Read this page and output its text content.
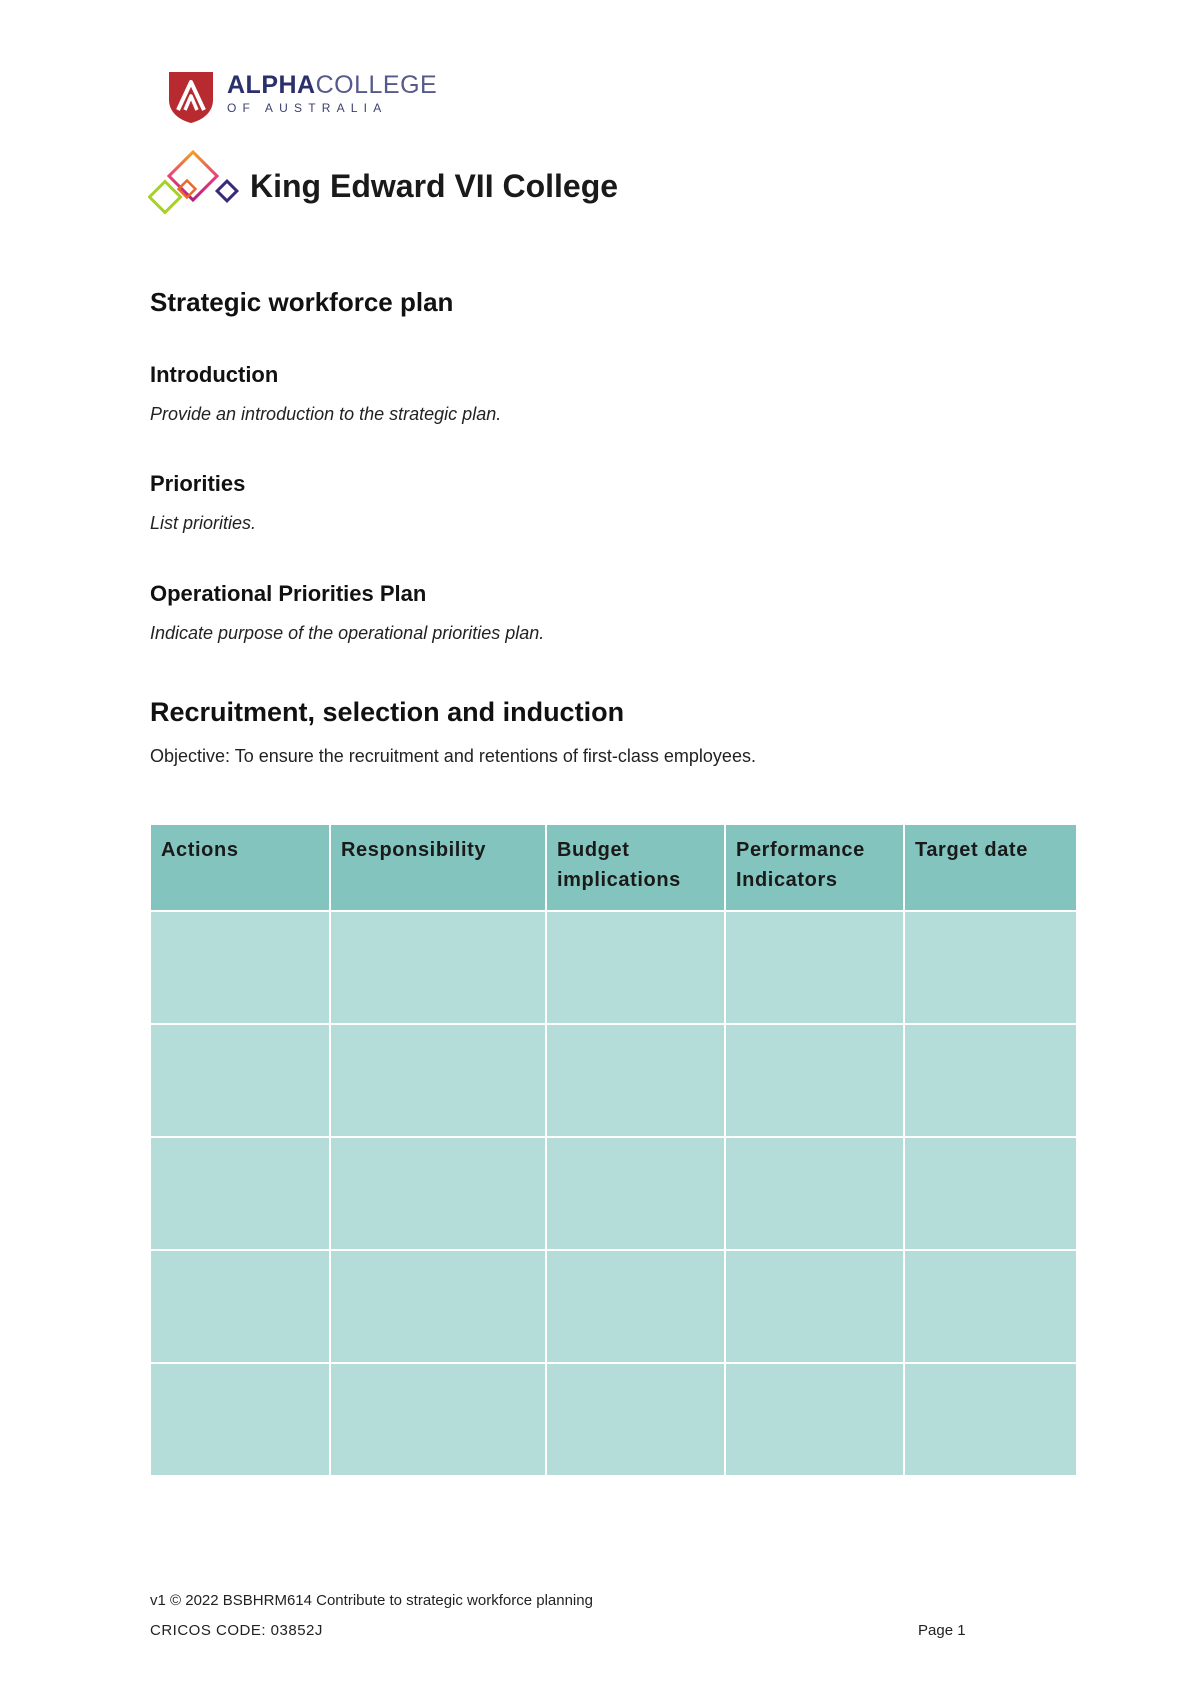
ALPHACOLLEGE
OF AUSTRALIA
King Edward VII College
Strategic workforce plan
Introduction
Provide an introduction to the strategic plan.
Priorities
List priorities.
Operational Priorities Plan
Indicate purpose of the operational priorities plan.
Recruitment, selection and induction
Objective: To ensure the recruitment and retentions of first-class employees.
Actions	Responsibility	Budget implications	Performance Indicators	Target date

v1 © 2022 BSBHRM614 Contribute to strategic workforce planning
CRICOS CODE: 03852J	Page 1
